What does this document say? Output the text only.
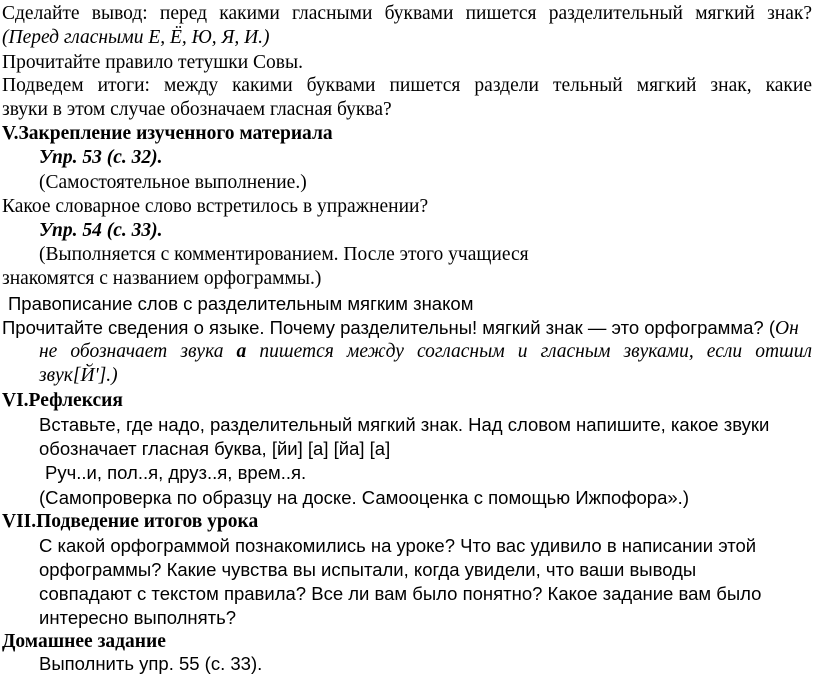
Сделайте вывод: перед какими гласными буквами пишется разделительный мягкий знак?
(Перед гласными Е, Ё, Ю, Я, И.)
Прочитайте правило тетушки Совы.
Подведем итоги: между какими буквами пишется раздели тельный мягкий знак, какие
звуки в этом случае обозначаем гласная буква?
V.Закрепление изученного материала
Упр. 53 (с. 32).
(Самостоятельное выполнение.)
Какое словарное слово встретилось в упражнении?
Упр. 54 (с. 33).
(Выполняется с комментированием. После этого учащиеся
знакомятся с названием орфограммы.)
Правописание слов с разделительным мягким знаком
Прочитайте сведения о языке. Почему разделительны! мягкий знак — это орфограмма? (Он
не обозначает звука а пишется между согласным и гласным звуками, если отшил
звук[Й'].)
VI.Рефлексия
Вставьте, где надо, разделительный мягкий знак. Над словом напишите, какое звуки
обозначает гласная буква, [йи] [а] [йа] [а]
Руч..и, пол..я, друз..я, врем..я.
(Самопроверка по образцу на доске. Самооценка с помощью Ижпофора».)
VII.Подведение итогов урока
С какой орфограммой познакомились на уроке? Что вас удивило в написании этой
орфограммы? Какие чувства вы испытали, когда увидели, что ваши выводы
совпадают с текстом правила? Все ли вам было понятно? Какое задание вам было
интересно выполнять?
Домашнее задание
Выполнить упр. 55 (с. 33).
